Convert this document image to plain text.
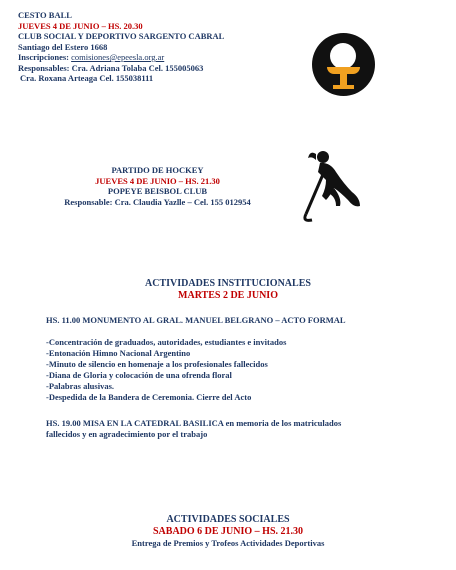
CESTO BALL
JUEVES 4 DE JUNIO – HS. 20.30
CLUB SOCIAL Y DEPORTIVO SARGENTO CABRAL
Santiago del Estero 1668
Inscripciones: comisiones@epeesla.org.ar
Responsables: Cra. Adriana Tolaba Cel. 155005063
Cra. Roxana Arteaga Cel. 155038111
PARTIDO DE HOCKEY
JUEVES 4 DE JUNIO – HS. 21.30
POPEYE BEISBOL CLUB
Responsable: Cra. Claudia Yazlle – Cel. 155 012954
ACTIVIDADES INSTITUCIONALES
MARTES 2 DE JUNIO
HS. 11.00 MONUMENTO AL GRAL. MANUEL BELGRANO – ACTO FORMAL
-Concentración de graduados, autoridades, estudiantes e invitados
-Entonación Himno Nacional Argentino
-Minuto de silencio en homenaje a los profesionales fallecidos
-Diana de Gloria y colocación de una ofrenda floral
-Palabras alusivas.
-Despedida de la Bandera de Ceremonia. Cierre del Acto
HS. 19.00 MISA EN LA CATEDRAL BASILICA en memoria de los matriculados
fallecidos y en agradecimiento por el trabajo
ACTIVIDADES SOCIALES
SABADO 6 DE JUNIO – HS. 21.30
Entrega de Premios y Trofeos Actividades Deportivas
